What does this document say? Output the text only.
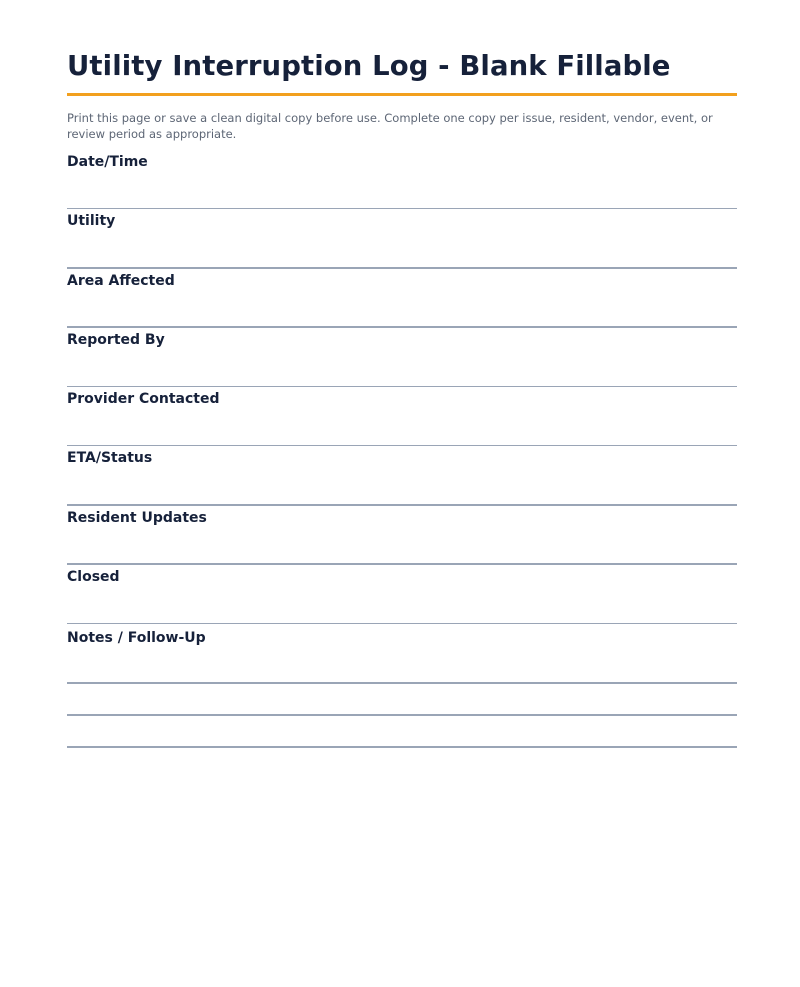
Utility Interruption Log - Blank Fillable
Print this page or save a clean digital copy before use. Complete one copy per issue, resident, vendor, event, or review period as appropriate.
Date/Time
Utility
Area Affected
Reported By
Provider Contacted
ETA/Status
Resident Updates
Closed
Notes / Follow-Up
